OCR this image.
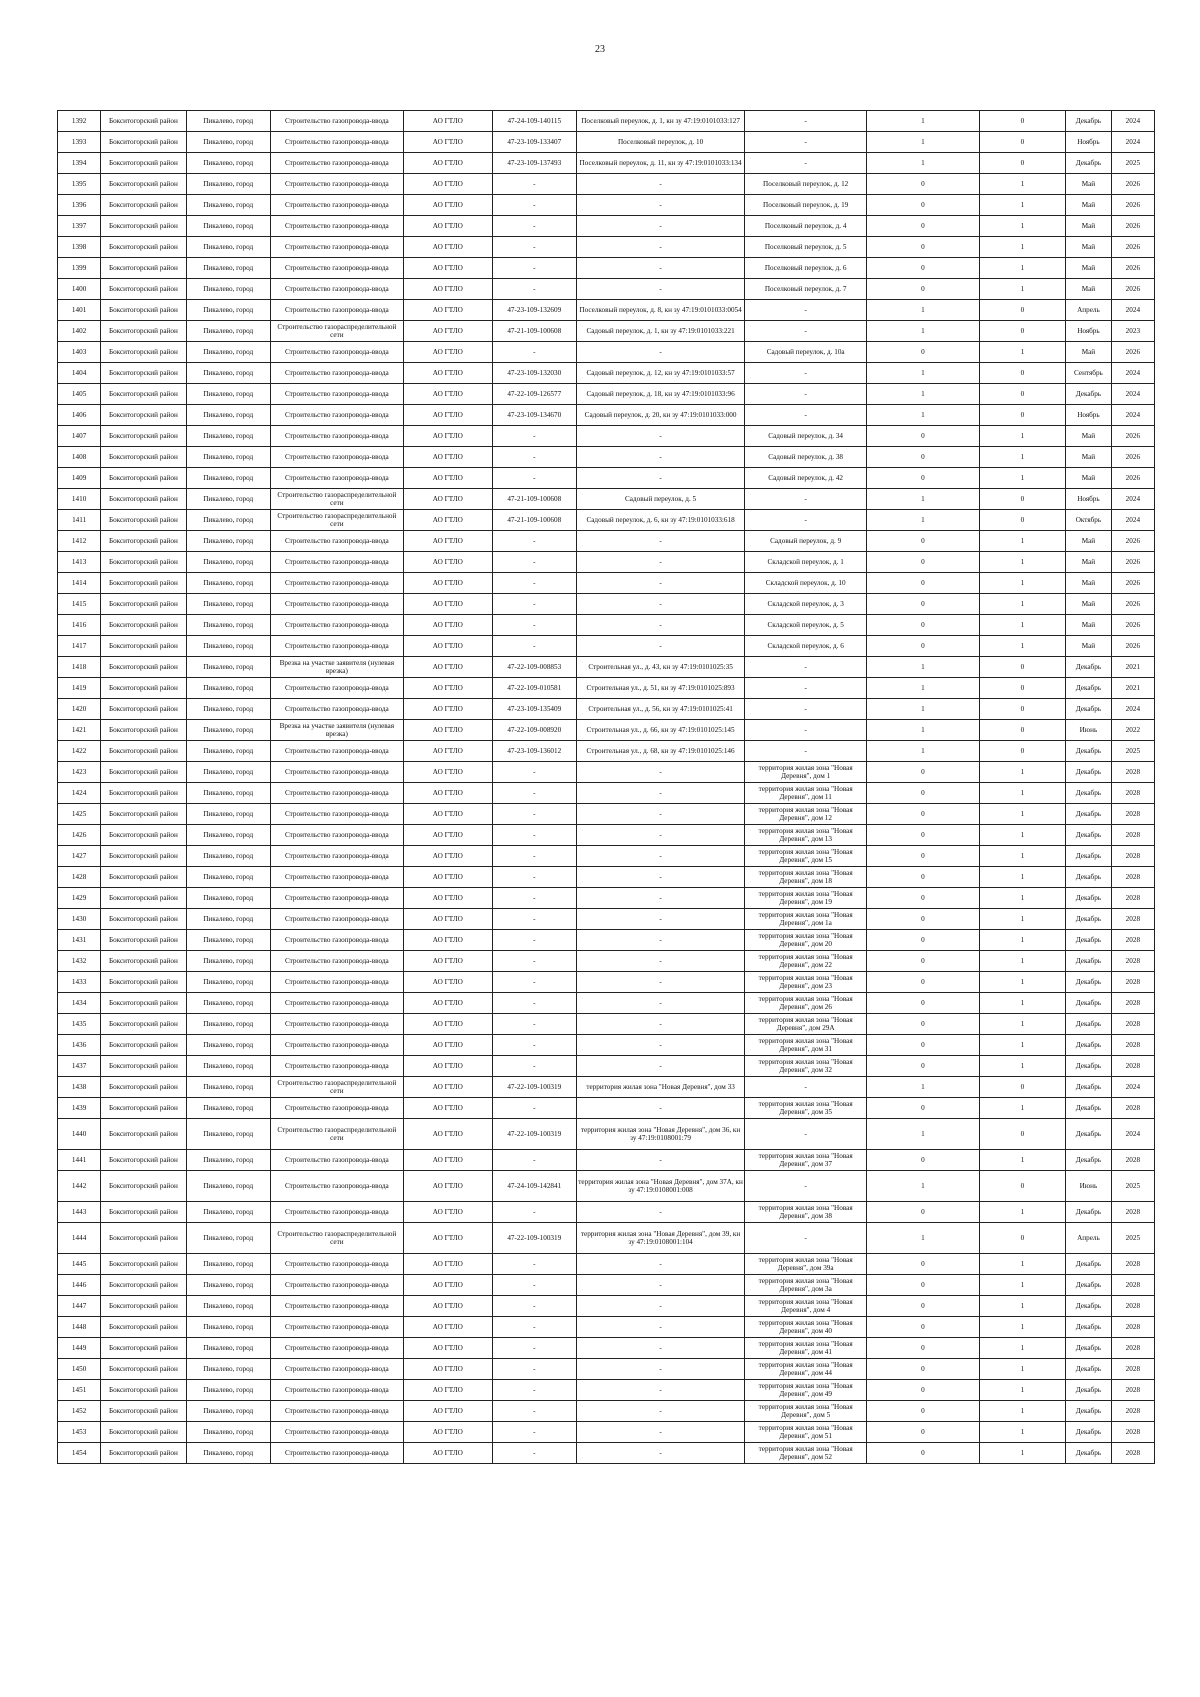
23
1392	Бокситогорский район	Пикалево, город	Строительство газопровода-ввода	АО ГТЛО	47-24-109-140115	Поселковый переулок, д. 1, кн зу 47:19:0101033:127	-	1	0	Декабрь	2024
1393	Бокситогорский район	Пикалево, город	Строительство газопровода-ввода	АО ГТЛО	47-23-109-133407	Поселковый переулок, д. 10	-	1	0	Ноябрь	2024
1394	Бокситогорский район	Пикалево, город	Строительство газопровода-ввода	АО ГТЛО	47-23-109-137493	Поселковый переулок, д. 11, кн зу 47:19:0101033:134	-	1	0	Декабрь	2025
1395	Бокситогорский район	Пикалево, город	Строительство газопровода-ввода	АО ГТЛО	-	-	Поселковый переулок, д. 12	0	1	Май	2026
1396	Бокситогорский район	Пикалево, город	Строительство газопровода-ввода	АО ГТЛО	-	-	Поселковый переулок, д. 19	0	1	Май	2026
1397	Бокситогорский район	Пикалево, город	Строительство газопровода-ввода	АО ГТЛО	-	-	Поселковый переулок, д. 4	0	1	Май	2026
1398	Бокситогорский район	Пикалево, город	Строительство газопровода-ввода	АО ГТЛО	-	-	Поселковый переулок, д. 5	0	1	Май	2026
1399	Бокситогорский район	Пикалево, город	Строительство газопровода-ввода	АО ГТЛО	-	-	Поселковый переулок, д. 6	0	1	Май	2026
1400	Бокситогорский район	Пикалево, город	Строительство газопровода-ввода	АО ГТЛО	-	-	Поселковый переулок, д. 7	0	1	Май	2026
1401	Бокситогорский район	Пикалево, город	Строительство газопровода-ввода	АО ГТЛО	47-23-109-132609	Поселковый переулок, д. 8, кн зу 47:19:0101033:0054	-	1	0	Апрель	2024
1402	Бокситогорский район	Пикалево, город	Строительство газораспределительной сети	АО ГТЛО	47-21-109-100608	Садовый переулок, д. 1, кн зу 47:19:0101033:221	-	1	0	Ноябрь	2023
1403	Бокситогорский район	Пикалево, город	Строительство газопровода-ввода	АО ГТЛО	-	-	Садовый переулок, д. 10а	0	1	Май	2026
1404	Бокситогорский район	Пикалево, город	Строительство газопровода-ввода	АО ГТЛО	47-23-109-132030	Садовый переулок, д. 12, кн зу 47:19:0101033:57	-	1	0	Сентябрь	2024
1405	Бокситогорский район	Пикалево, город	Строительство газопровода-ввода	АО ГТЛО	47-22-109-126577	Садовый переулок, д. 18, кн зу 47:19:0101033:96	-	1	0	Декабрь	2024
1406	Бокситогорский район	Пикалево, город	Строительство газопровода-ввода	АО ГТЛО	47-23-109-134670	Садовый переулок, д. 20, кн зу 47:19:0101033:000	-	1	0	Ноябрь	2024
1407	Бокситогорский район	Пикалево, город	Строительство газопровода-ввода	АО ГТЛО	-	-	Садовый переулок, д. 34	0	1	Май	2026
1408	Бокситогорский район	Пикалево, город	Строительство газопровода-ввода	АО ГТЛО	-	-	Садовый переулок, д. 38	0	1	Май	2026
1409	Бокситогорский район	Пикалево, город	Строительство газопровода-ввода	АО ГТЛО	-	-	Садовый переулок, д. 42	0	1	Май	2026
1410	Бокситогорский район	Пикалево, город	Строительство газораспределительной сети	АО ГТЛО	47-21-109-100608	Садовый переулок, д. 5	-	1	0	Ноябрь	2024
1411	Бокситогорский район	Пикалево, город	Строительство газораспределительной сети	АО ГТЛО	47-21-109-100608	Садовый переулок, д. 6, кн зу 47:19:0101033:618	-	1	0	Октябрь	2024
1412	Бокситогорский район	Пикалево, город	Строительство газопровода-ввода	АО ГТЛО	-	-	Садовый переулок, д. 9	0	1	Май	2026
1413	Бокситогорский район	Пикалево, город	Строительство газопровода-ввода	АО ГТЛО	-	-	Складской переулок, д. 1	0	1	Май	2026
1414	Бокситогорский район	Пикалево, город	Строительство газопровода-ввода	АО ГТЛО	-	-	Складской переулок, д. 10	0	1	Май	2026
1415	Бокситогорский район	Пикалево, город	Строительство газопровода-ввода	АО ГТЛО	-	-	Складской переулок, д. 3	0	1	Май	2026
1416	Бокситогорский район	Пикалево, город	Строительство газопровода-ввода	АО ГТЛО	-	-	Складской переулок, д. 5	0	1	Май	2026
1417	Бокситогорский район	Пикалево, город	Строительство газопровода-ввода	АО ГТЛО	-	-	Складской переулок, д. 6	0	1	Май	2026
1418	Бокситогорский район	Пикалево, город	Врезка на участке заявителя (нулевая врезка)	АО ГТЛО	47-22-109-008853	Строительная ул., д. 43, кн зу 47:19:0101025:35	-	1	0	Декабрь	2021
1419	Бокситогорский район	Пикалево, город	Строительство газопровода-ввода	АО ГТЛО	47-22-109-010581	Строительная ул., д. 51, кн зу 47:19:0101025:893	-	1	0	Декабрь	2021
1420	Бокситогорский район	Пикалево, город	Строительство газопровода-ввода	АО ГТЛО	47-23-109-135409	Строительная ул., д. 56, кн зу 47:19:0101025:41	-	1	0	Декабрь	2024
1421	Бокситогорский район	Пикалево, город	Врезка на участке заявителя (нулевая врезка)	АО ГТЛО	47-22-109-008920	Строительная ул., д. 66, кн зу 47:19:0101025:145	-	1	0	Июнь	2022
1422	Бокситогорский район	Пикалево, город	Строительство газопровода-ввода	АО ГТЛО	47-23-109-136012	Строительная ул., д. 68, кн зу 47:19:0101025:146	-	1	0	Декабрь	2025
1423	Бокситогорский район	Пикалево, город	Строительство газопровода-ввода	АО ГТЛО	-	-	территория жилая зона "Новая Деревня", дом 1	0	1	Декабрь	2028
1424	Бокситогорский район	Пикалево, город	Строительство газопровода-ввода	АО ГТЛО	-	-	территория жилая зона "Новая Деревня", дом 11	0	1	Декабрь	2028
1425	Бокситогорский район	Пикалево, город	Строительство газопровода-ввода	АО ГТЛО	-	-	территория жилая зона "Новая Деревня", дом 12	0	1	Декабрь	2028
1426	Бокситогорский район	Пикалево, город	Строительство газопровода-ввода	АО ГТЛО	-	-	территория жилая зона "Новая Деревня", дом 13	0	1	Декабрь	2028
1427	Бокситогорский район	Пикалево, город	Строительство газопровода-ввода	АО ГТЛО	-	-	территория жилая зона "Новая Деревня", дом 15	0	1	Декабрь	2028
1428	Бокситогорский район	Пикалево, город	Строительство газопровода-ввода	АО ГТЛО	-	-	территория жилая зона "Новая Деревня", дом 18	0	1	Декабрь	2028
1429	Бокситогорский район	Пикалево, город	Строительство газопровода-ввода	АО ГТЛО	-	-	территория жилая зона "Новая Деревня", дом 19	0	1	Декабрь	2028
1430	Бокситогорский район	Пикалево, город	Строительство газопровода-ввода	АО ГТЛО	-	-	территория жилая зона "Новая Деревня", дом 1а	0	1	Декабрь	2028
1431	Бокситогорский район	Пикалево, город	Строительство газопровода-ввода	АО ГТЛО	-	-	территория жилая зона "Новая Деревня", дом 20	0	1	Декабрь	2028
1432	Бокситогорский район	Пикалево, город	Строительство газопровода-ввода	АО ГТЛО	-	-	территория жилая зона "Новая Деревня", дом 22	0	1	Декабрь	2028
1433	Бокситогорский район	Пикалево, город	Строительство газопровода-ввода	АО ГТЛО	-	-	территория жилая зона "Новая Деревня", дом 23	0	1	Декабрь	2028
1434	Бокситогорский район	Пикалево, город	Строительство газопровода-ввода	АО ГТЛО	-	-	территория жилая зона "Новая Деревня", дом 26	0	1	Декабрь	2028
1435	Бокситогорский район	Пикалево, город	Строительство газопровода-ввода	АО ГТЛО	-	-	территория жилая зона "Новая Деревня", дом 29А	0	1	Декабрь	2028
1436	Бокситогорский район	Пикалево, город	Строительство газопровода-ввода	АО ГТЛО	-	-	территория жилая зона "Новая Деревня", дом 31	0	1	Декабрь	2028
1437	Бокситогорский район	Пикалево, город	Строительство газопровода-ввода	АО ГТЛО	-	-	территория жилая зона "Новая Деревня", дом 32	0	1	Декабрь	2028
1438	Бокситогорский район	Пикалево, город	Строительство газораспределительной сети	АО ГТЛО	47-22-109-100319	территория жилая зона "Новая Деревня", дом 33	-	1	0	Декабрь	2024
1439	Бокситогорский район	Пикалево, город	Строительство газопровода-ввода	АО ГТЛО	-	-	территория жилая зона "Новая Деревня", дом 35	0	1	Декабрь	2028
1440	Бокситогорский район	Пикалево, город	Строительство газораспределительной сети	АО ГТЛО	47-22-109-100319	территория жилая зона "Новая Деревня", дом 36, кн зу 47:19:0108001:79	-	1	0	Декабрь	2024
1441	Бокситогорский район	Пикалево, город	Строительство газопровода-ввода	АО ГТЛО	-	-	территория жилая зона "Новая Деревня", дом 37	0	1	Декабрь	2028
1442	Бокситогорский район	Пикалево, город	Строительство газопровода-ввода	АО ГТЛО	47-24-109-142841	территория жилая зона "Новая Деревня", дом 37А, кн зу 47:19:0108001:008	-	1	0	Июнь	2025
1443	Бокситогорский район	Пикалево, город	Строительство газопровода-ввода	АО ГТЛО	-	-	территория жилая зона "Новая Деревня", дом 38	0	1	Декабрь	2028
1444	Бокситогорский район	Пикалево, город	Строительство газораспределительной сети	АО ГТЛО	47-22-109-100319	территория жилая зона "Новая Деревня", дом 39, кн зу 47:19:0108001:104	-	1	0	Апрель	2025
1445	Бокситогорский район	Пикалево, город	Строительство газопровода-ввода	АО ГТЛО	-	-	территория жилая зона "Новая Деревня", дом 39а	0	1	Декабрь	2028
1446	Бокситогорский район	Пикалево, город	Строительство газопровода-ввода	АО ГТЛО	-	-	территория жилая зона "Новая Деревня", дом 3а	0	1	Декабрь	2028
1447	Бокситогорский район	Пикалево, город	Строительство газопровода-ввода	АО ГТЛО	-	-	территория жилая зона "Новая Деревня", дом 4	0	1	Декабрь	2028
1448	Бокситогорский район	Пикалево, город	Строительство газопровода-ввода	АО ГТЛО	-	-	территория жилая зона "Новая Деревня", дом 40	0	1	Декабрь	2028
1449	Бокситогорский район	Пикалево, город	Строительство газопровода-ввода	АО ГТЛО	-	-	территория жилая зона "Новая Деревня", дом 41	0	1	Декабрь	2028
1450	Бокситогорский район	Пикалево, город	Строительство газопровода-ввода	АО ГТЛО	-	-	территория жилая зона "Новая Деревня", дом 44	0	1	Декабрь	2028
1451	Бокситогорский район	Пикалево, город	Строительство газопровода-ввода	АО ГТЛО	-	-	территория жилая зона "Новая Деревня", дом 49	0	1	Декабрь	2028
1452	Бокситогорский район	Пикалево, город	Строительство газопровода-ввода	АО ГТЛО	-	-	территория жилая зона "Новая Деревня", дом 5	0	1	Декабрь	2028
1453	Бокситогорский район	Пикалево, город	Строительство газопровода-ввода	АО ГТЛО	-	-	территория жилая зона "Новая Деревня", дом 51	0	1	Декабрь	2028
1454	Бокситогорский район	Пикалево, город	Строительство газопровода-ввода	АО ГТЛО	-	-	территория жилая зона "Новая Деревня", дом 52	0	1	Декабрь	2028
